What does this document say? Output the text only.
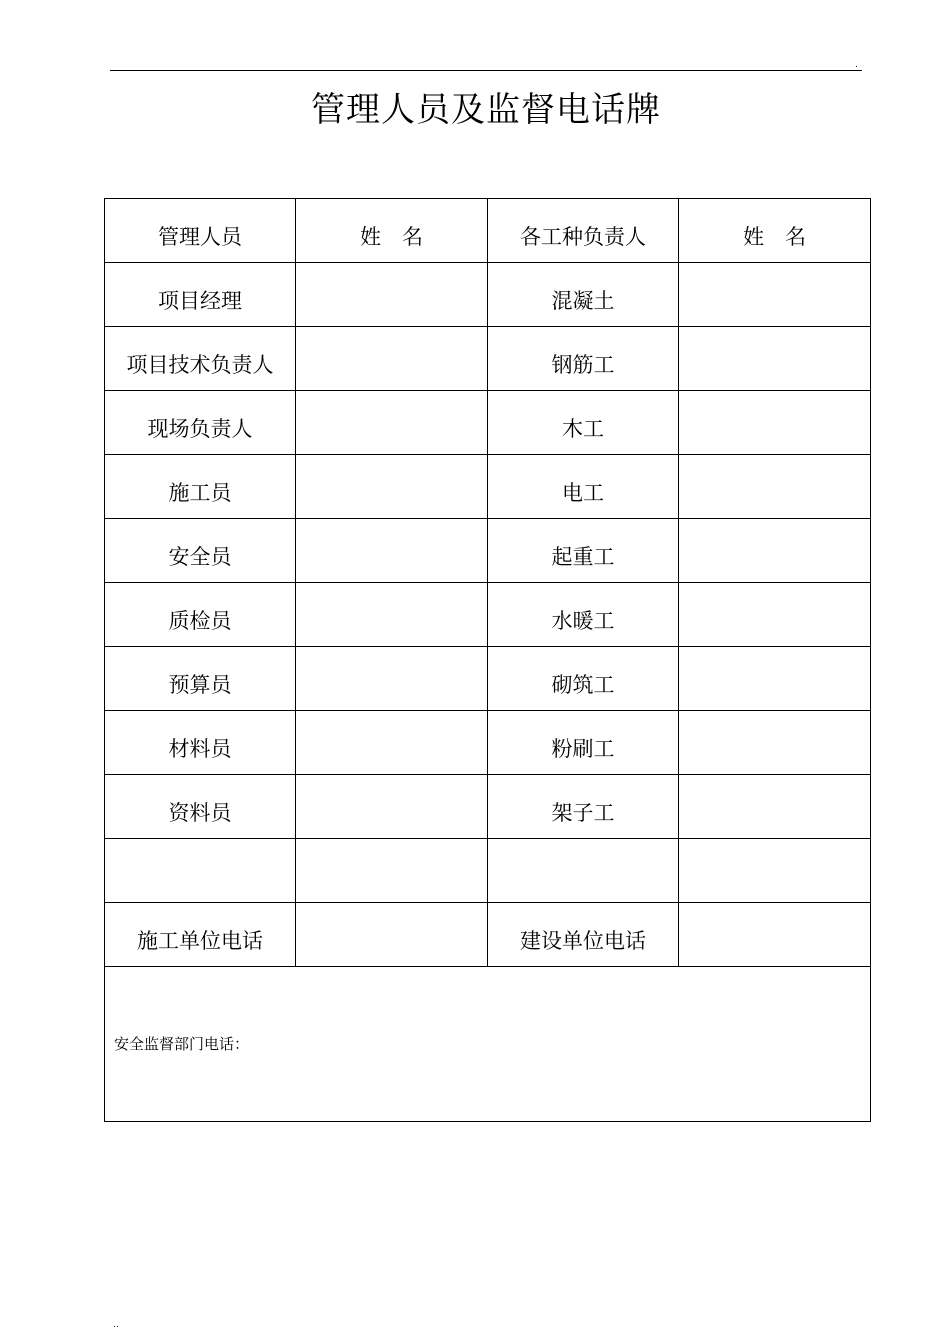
.
管理人员及监督电话牌
管理人员	姓　名	各工种负责人	姓　名
项目经理		混凝土	
项目技术负责人		钢筋工	
现场负责人		木工	
施工员		电工	
安全员		起重工	
质检员		水暖工	
预算员		砌筑工	
材料员		粉刷工	
资料员		架子工	

施工单位电话		建设单位电话	
安全监督部门电话：			
..
